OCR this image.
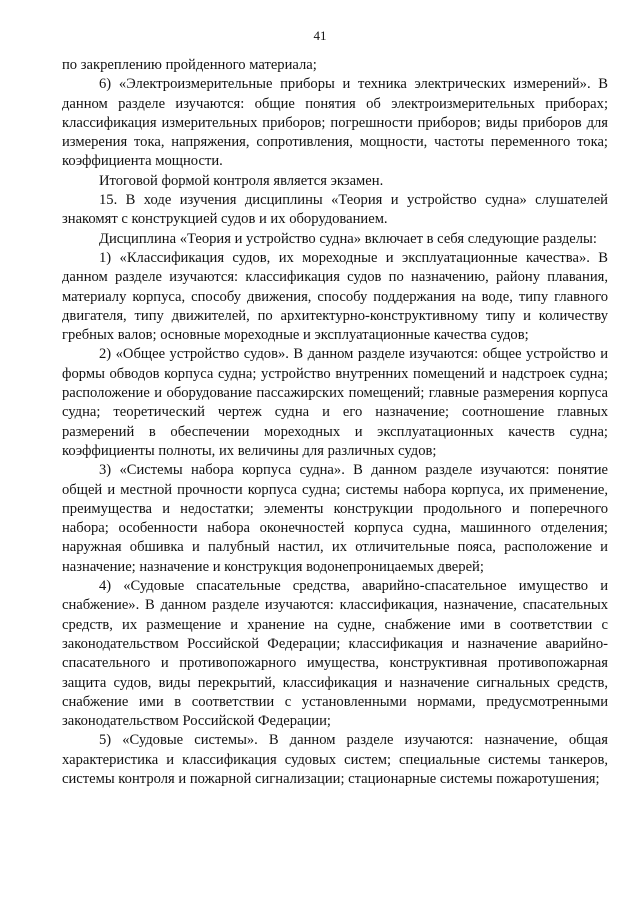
41

по закреплению пройденного материала;

6) «Электроизмерительные приборы и техника электрических измерений». В данном разделе изучаются: общие понятия об электроизмерительных приборах; классификация измерительных приборов; погрешности приборов; виды приборов для измерения тока, напряжения, сопротивления, мощности, частоты переменного тока; коэффициента мощности.

Итоговой формой контроля является экзамен.

15. В ходе изучения дисциплины «Теория и устройство судна» слушателей знакомят с конструкцией судов и их оборудованием.

Дисциплина «Теория и устройство судна» включает в себя следующие разделы:

1) «Классификация судов, их мореходные и эксплуатационные качества». В данном разделе изучаются: классификация судов по назначению, району плавания, материалу корпуса, способу движения, способу поддержания на воде, типу главного двигателя, типу движителей, по архитектурно-конструктивному типу и количеству гребных валов; основные мореходные и эксплуатационные качества судов;

2) «Общее устройство судов». В данном разделе изучаются: общее устройство и формы обводов корпуса судна; устройство внутренних помещений и надстроек судна; расположение и оборудование пассажирских помещений; главные размерения корпуса судна; теоретический чертеж судна и его назначение; соотношение главных размерений в обеспечении мореходных и эксплуатационных качеств судна; коэффициенты полноты, их величины для различных судов;

3) «Системы набора корпуса судна». В данном разделе изучаются: понятие общей и местной прочности корпуса судна; системы набора корпуса, их применение, преимущества и недостатки; элементы конструкции продольного и поперечного набора; особенности набора оконечностей корпуса судна, машинного отделения; наружная обшивка и палубный настил, их отличительные пояса, расположение и назначение; назначение и конструкция водонепроницаемых дверей;

4) «Судовые спасательные средства, аварийно-спасательное имущество и снабжение». В данном разделе изучаются: классификация, назначение, спасательных средств, их размещение и хранение на судне, снабжение ими в соответствии с законодательством Российской Федерации; классификация и назначение аварийно-спасательного и противопожарного имущества, конструктивная противопожарная защита судов, виды перекрытий, классификация и назначение сигнальных средств, снабжение ими в соответствии с установленными нормами, предусмотренными законодательством Российской Федерации;

5) «Судовые системы». В данном разделе изучаются: назначение, общая характеристика и классификация судовых систем; специальные системы танкеров, системы контроля и пожарной сигнализации; стационарные системы пожаротушения;
